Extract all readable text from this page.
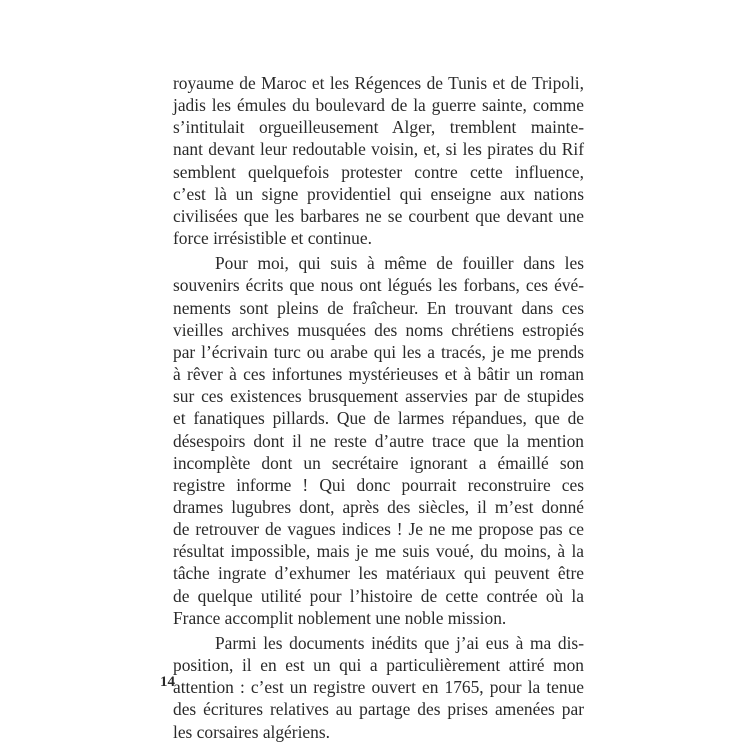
royaume de Maroc et les Régences de Tunis et de Tripoli,
jadis les émules du boulevard de la guerre sainte, comme
s’intitulait orgueilleusement Alger, tremblent mainte-
nant devant leur redoutable voisin, et, si les pirates du Rif
semblent quelquefois protester contre cette influence,
c’est là un signe providentiel qui enseigne aux nations
civilisées que les barbares ne se courbent que devant une
force irrésistible et continue.

Pour moi, qui suis à même de fouiller dans les
souvenirs écrits que nous ont légués les forbans, ces évé-
nements sont pleins de fraîcheur. En trouvant dans ces
vieilles archives musquées des noms chrétiens estropiés
par l’écrivain turc ou arabe qui les a tracés, je me prends
à rêver à ces infortunes mystérieuses et à bâtir un roman
sur ces existences brusquement asservies par de stupides
et fanatiques pillards. Que de larmes répandues, que de
désespoirs dont il ne reste d’autre trace que la mention
incomplète dont un secrétaire ignorant a émaillé son
registre informe ! Qui donc pourrait reconstruire ces
drames lugubres dont, après des siècles, il m’est donné
de retrouver de vagues indices ! Je ne me propose pas ce
résultat impossible, mais je me suis voué, du moins, à la
tâche ingrate d’exhumer les matériaux qui peuvent être
de quelque utilité pour l’histoire de cette contrée où la
France accomplit noblement une noble mission.

Parmi les documents inédits que j’ai eus à ma dis-
position, il en est un qui a particulièrement attiré mon
attention : c’est un registre ouvert en 1765, pour la tenue
des écritures relatives au partage des prises amenées par
les corsaires algériens.

14
